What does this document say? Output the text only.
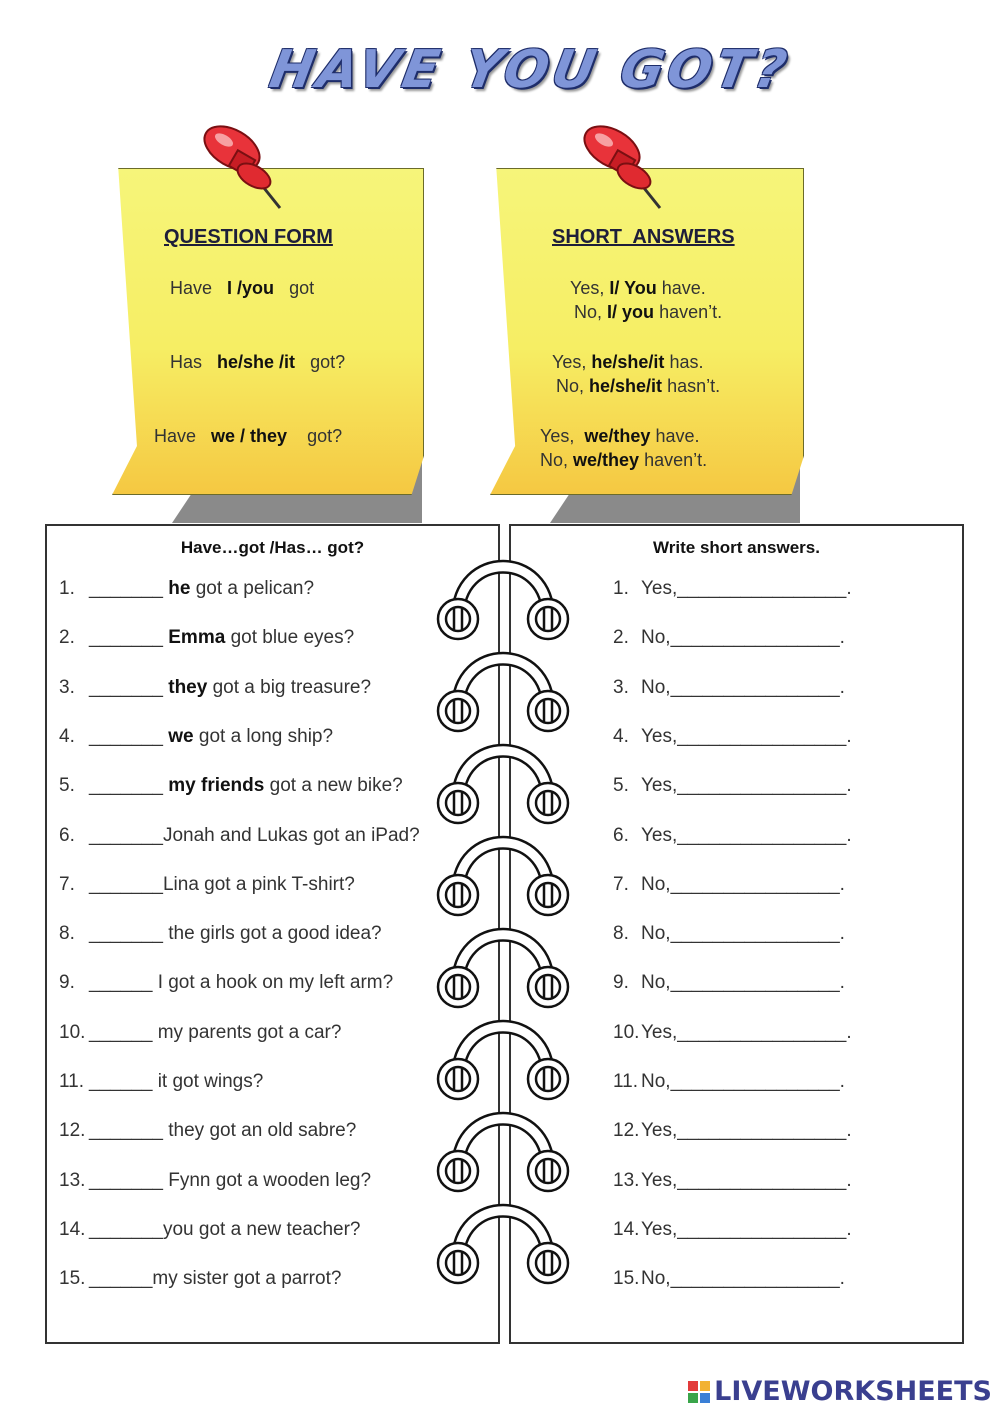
HAVE YOU GOT?
QUESTION FORM
Have I /you got
Has he/she /it got?
Have we / they got?
SHORT  ANSWERS
Yes, I/ You have.
No, I/ you haven’t.
Yes, he/she/it has.
No, he/she/it hasn’t.
Yes, we/they have.
No, we/they haven’t.
Have…got /Has… got?
1. _______ he got a pelican?
2. _______ Emma got blue eyes?
3. _______ they got a big treasure?
4. _______ we got a long ship?
5. _______ my friends got a new bike?
6. _______Jonah and Lukas got an iPad?
7. _______Lina got a pink T-shirt?
8. _______ the girls got a good idea?
9. ______ I got a hook on my left arm?
10. ______ my parents got a car?
11. ______ it got wings?
12. _______ they got an old sabre?
13. _______ Fynn got a wooden leg?
14. _______you got a new teacher?
15. ______my sister got a parrot?
Write short answers.
1. Yes,________________.
2. No,________________.
3. No,________________.
4. Yes,________________.
5. Yes,________________.
6. Yes,________________.
7. No,________________.
8. No,________________.
9. No,________________.
10.Yes,________________.
11. No,________________.
12.Yes,________________.
13.Yes,________________.
14.Yes,________________.
15.No,________________.
LIVEWORKSHEETS
